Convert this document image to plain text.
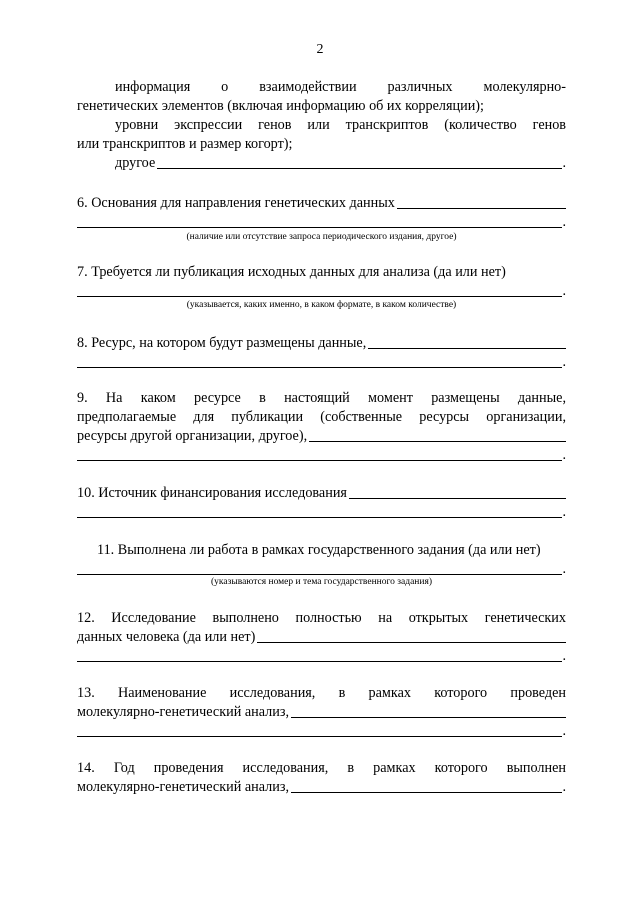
2
информация о взаимодействии различных молекулярно-
генетических элементов (включая информацию об их корреляции);
уровни экспрессии генов или транскриптов (количество генов
или транскриптов и размер когорт);
другое	.
6. Основания для направления генетических данных
.
(наличие или отсутствие запроса периодического издания, другое)
7. Требуется ли публикация исходных данных для анализа (да или нет)
.
(указывается, каких именно, в каком формате, в каком количестве)
8. Ресурс, на котором будут размещены данные,
.
9. На каком ресурсе в настоящий момент размещены данные,
предполагаемые для публикации (собственные ресурсы организации,
ресурсы другой организации, другое),
.
10. Источник финансирования исследования
.
11. Выполнена ли работа в рамках государственного задания (да или нет)
.
(указываются номер и тема государственного задания)
12. Исследование выполнено полностью на открытых генетических
данных человека (да или нет)
.
13. Наименование исследования, в рамках которого проведен
молекулярно-генетический анализ,
.
14. Год проведения исследования, в рамках которого выполнен
молекулярно-генетический анализ,	.
